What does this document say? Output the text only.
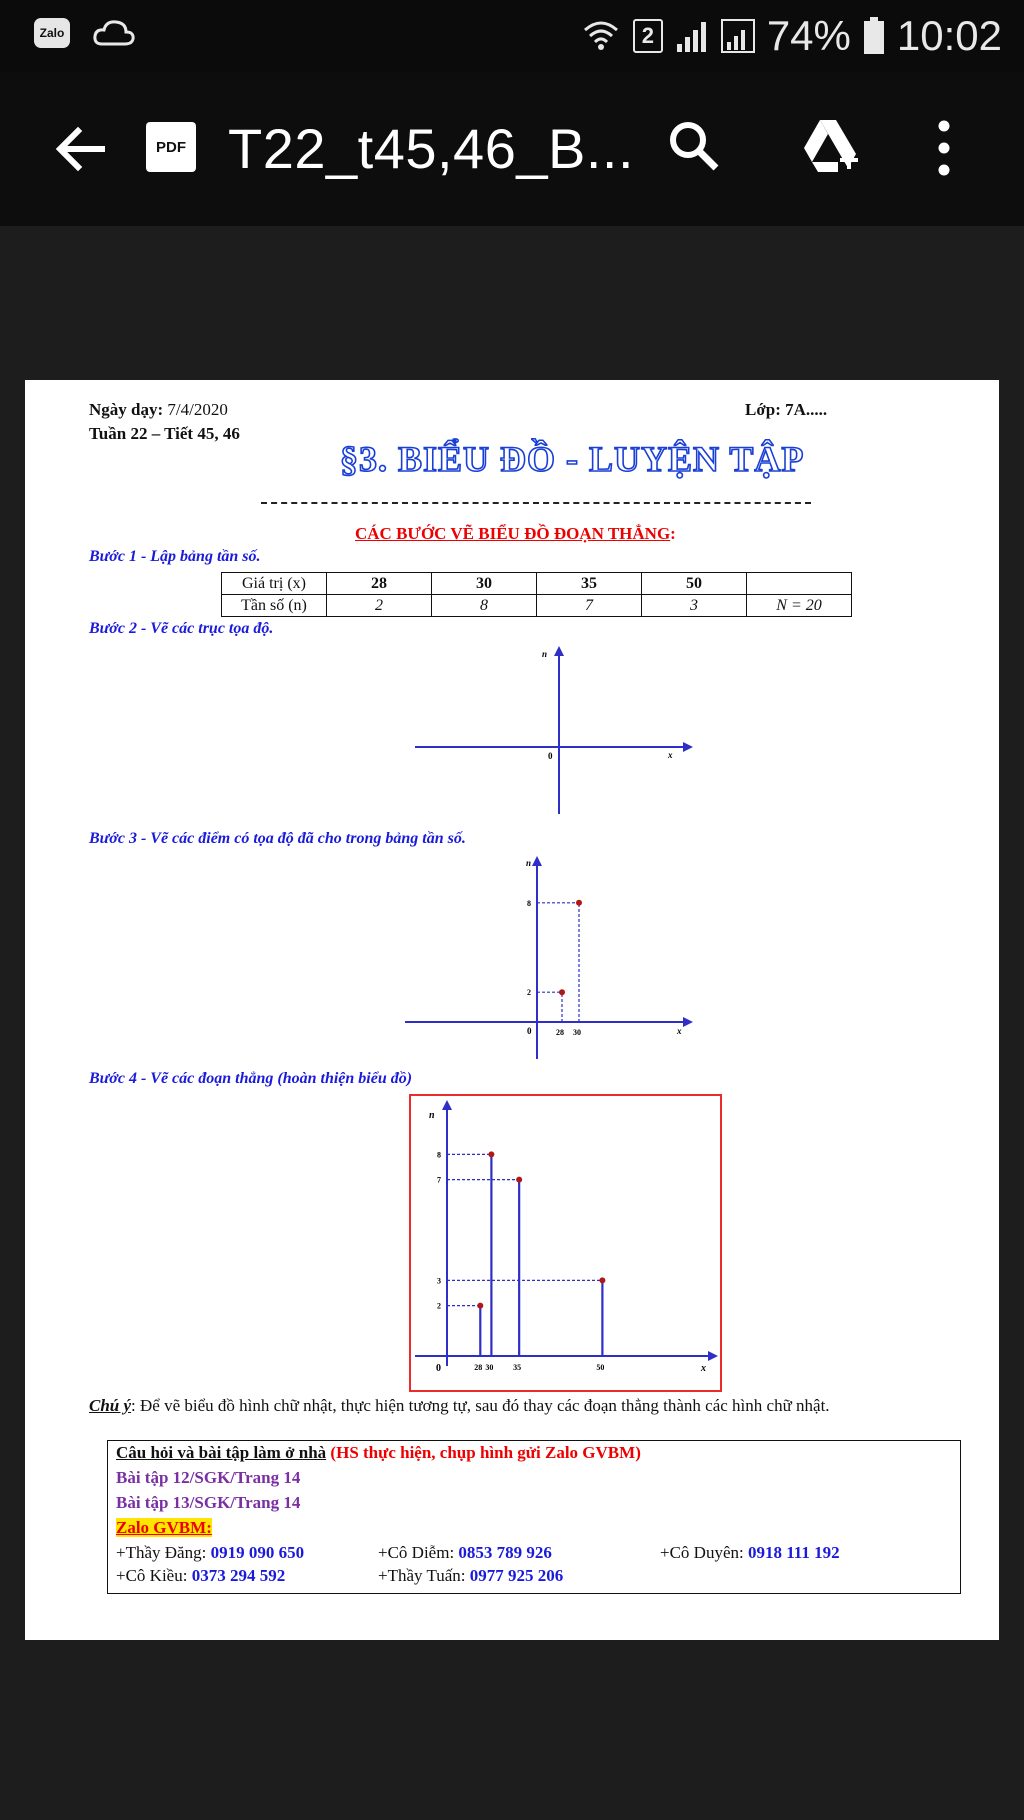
Zalo	2	74% 10:02
PDF T22_t45,46_B...
Ngày dạy: 7/4/2020	Lớp: 7A.....
Tuần 22 – Tiết 45, 46
§3. BIỂU ĐỒ - LUYỆN TẬP
CÁC BƯỚC VẼ BIỂU ĐỒ ĐOẠN THẲNG:
Bước 1 - Lập bảng tần số.
Giá trị (x)	28	30	35	50	
Tần số (n)	2	8	7	3	N = 20
Bước 2 - Vẽ các trục tọa độ.
0	x
n
Bước 3 - Vẽ các điểm có tọa độ đã cho trong bảng tần số.
0	x
n
28 30
2
8
Bước 4 - Vẽ các đoạn thẳng (hoàn thiện biểu đồ)
0	x
n
28 30 35	50
2
3
7
8
Chú ý: Để vẽ biểu đồ hình chữ nhật, thực hiện tương tự, sau đó thay các đoạn thẳng thành các hình chữ nhật.
Câu hỏi và bài tập làm ở nhà (HS thực hiện, chụp hình gửi Zalo GVBM)
Bài tập 12/SGK/Trang 14
Bài tập 13/SGK/Trang 14
Zalo GVBM:
+Thầy Đăng: 0919 090 650	+Cô Diễm: 0853 789 926	+Cô Duyên: 0918 111 192
+Cô Kiều: 0373 294 592	+Thầy Tuấn: 0977 925 206
